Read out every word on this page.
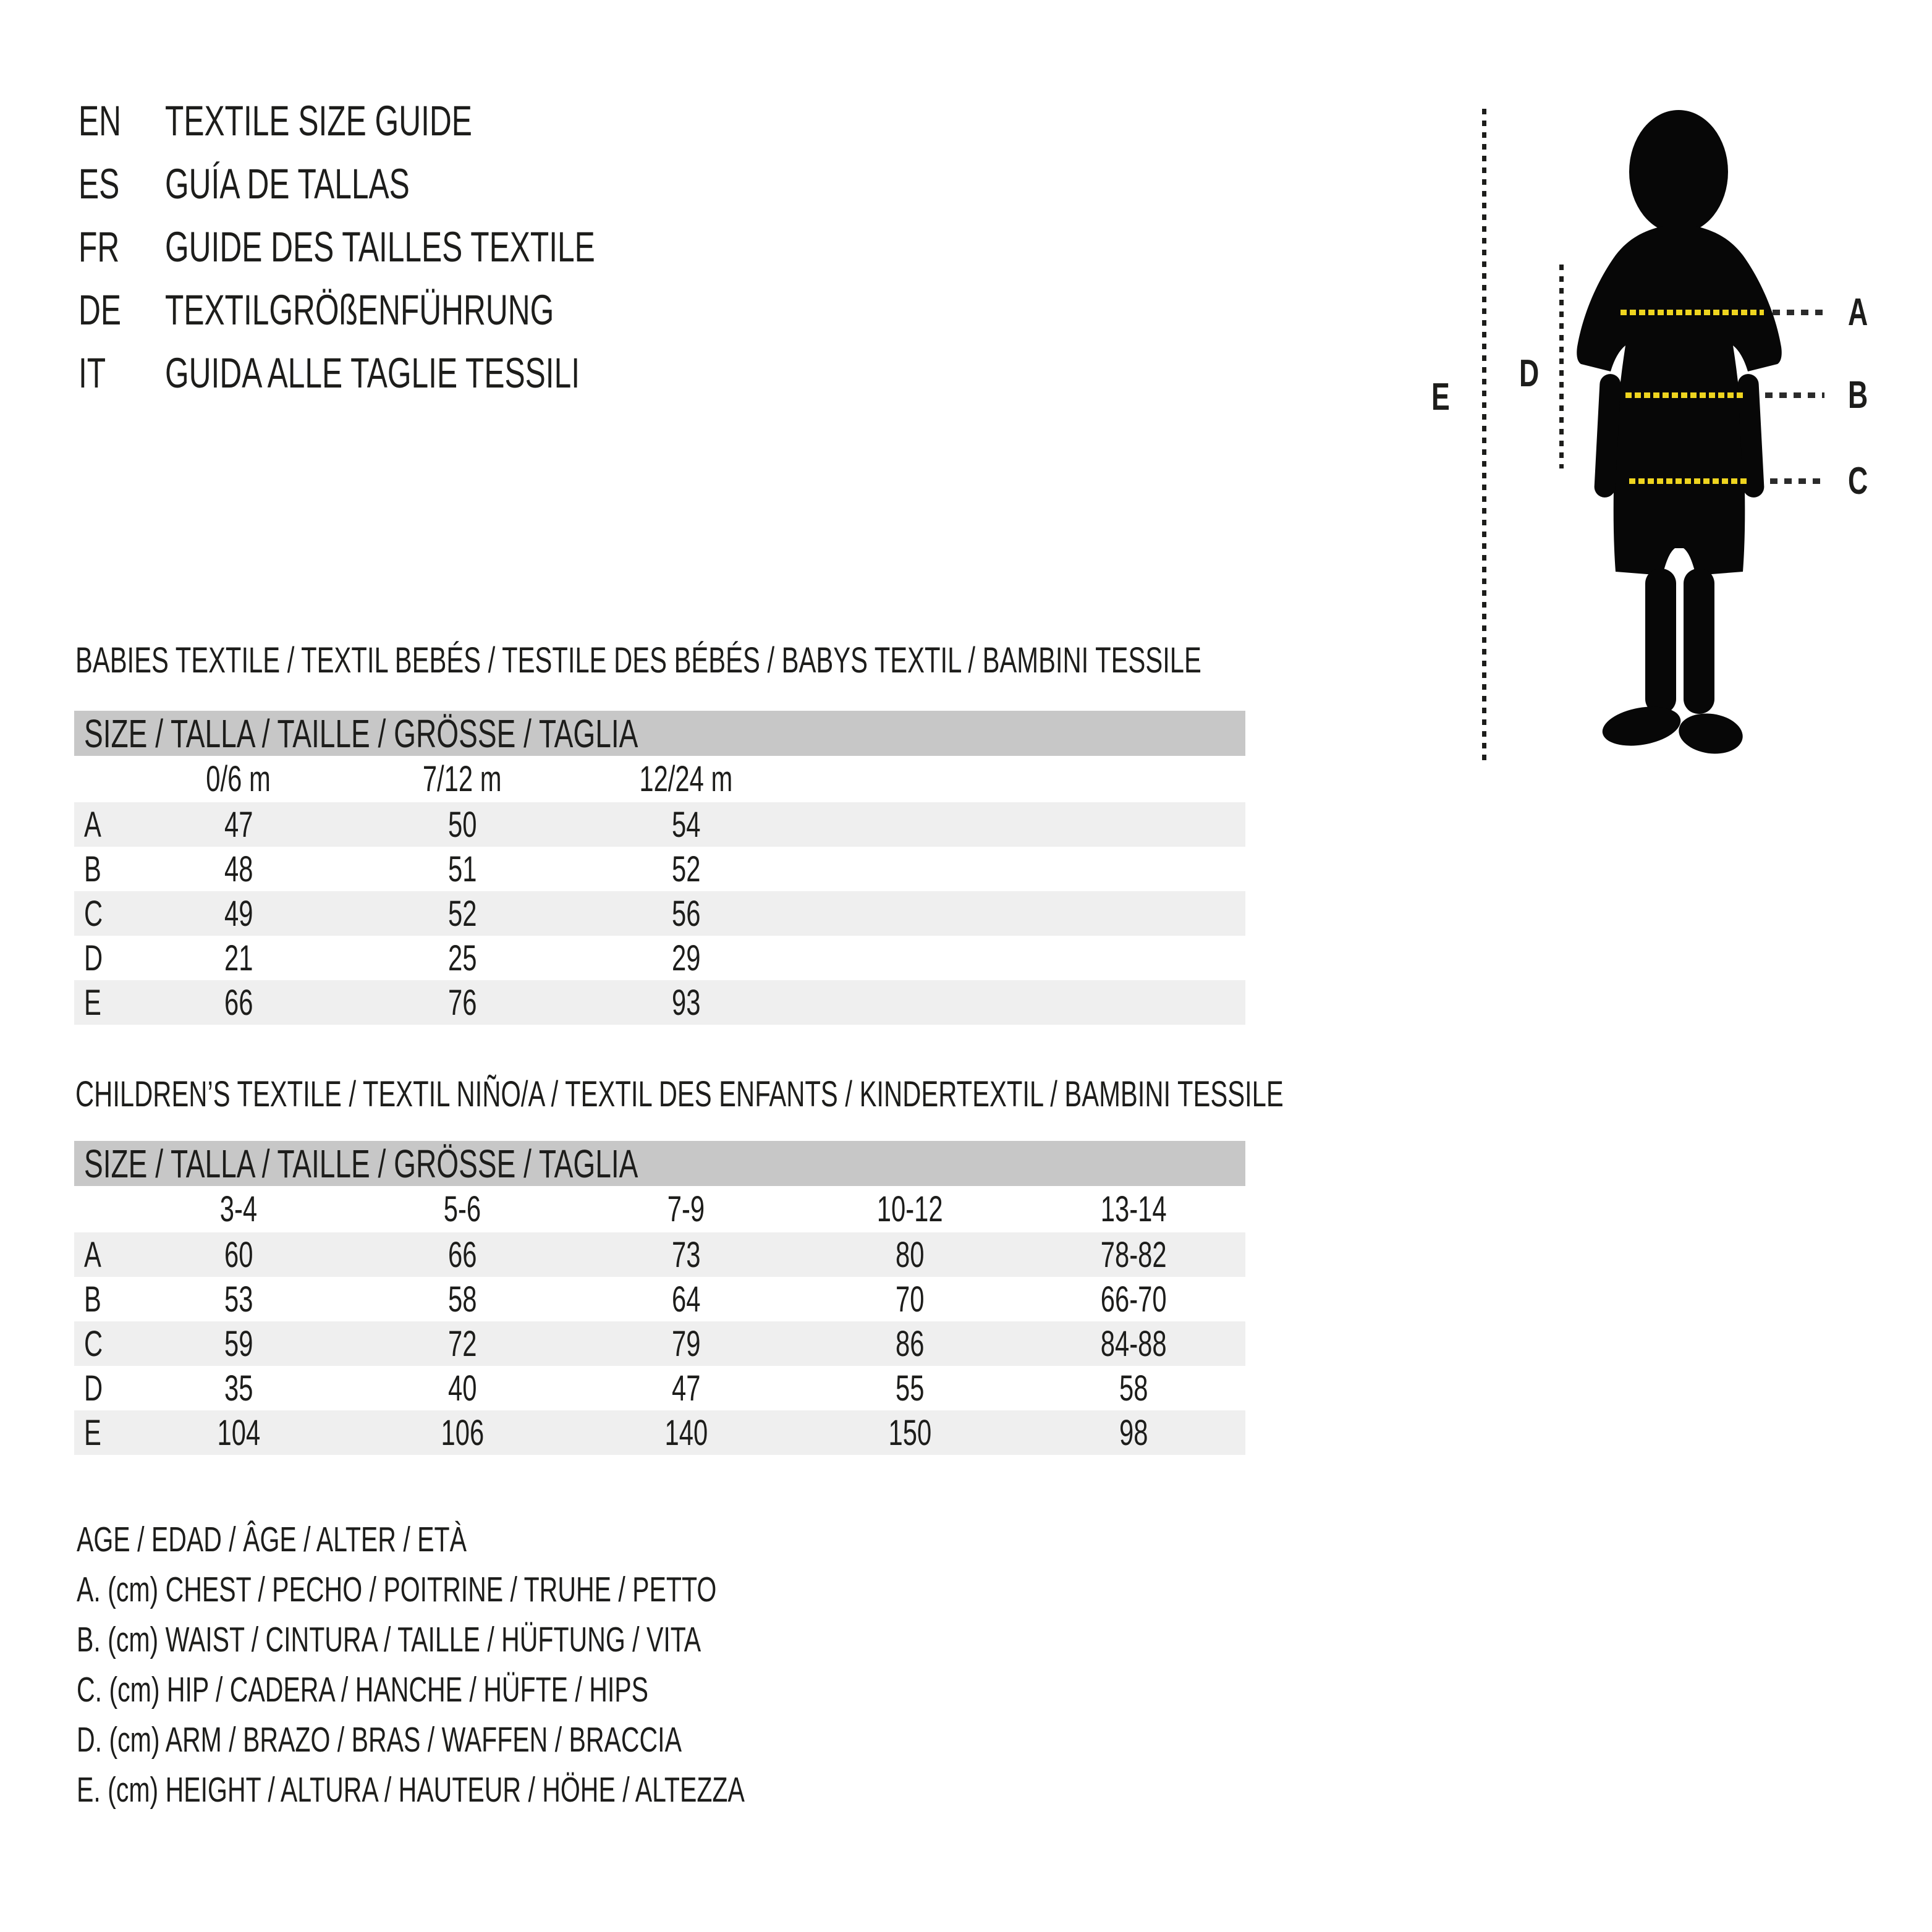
EN	TEXTILE SIZE GUIDE
ES	GUÍA DE TALLAS
FR	GUIDE DES TAILLES TEXTILE
DE	TEXTILGRÖßENFÜHRUNG
IT	GUIDA ALLE TAGLIE TESSILI
A
B
C
D
E
BABIES TEXTILE / TEXTIL BEBÉS / TESTILE DES BÉBÉS / BABYS TEXTIL / BAMBINI TESSILE
SIZE / TALLA / TAILLE / GRÖSSE / TAGLIA
	0/6 m	7/12 m	12/24 m	
A	47	50	54	
B	48	51	52	
C	49	52	56	
D	21	25	29	
E	66	76	93	
CHILDREN’S TEXTILE / TEXTIL NIÑO/A / TEXTIL DES ENFANTS / KINDERTEXTIL / BAMBINI TESSILE
SIZE / TALLA / TAILLE / GRÖSSE / TAGLIA
	3-4	5-6	7-9	10-12	13-14
A	60	66	73	80	78-82
B	53	58	64	70	66-70
C	59	72	79	86	84-88
D	35	40	47	55	58
E	104	106	140	150	98
AGE / EDAD / ÂGE / ALTER / ETÀ
A. (cm) CHEST / PECHO / POITRINE / TRUHE / PETTO
B. (cm) WAIST / CINTURA / TAILLE / HÜFTUNG / VITA
C. (cm) HIP / CADERA / HANCHE / HÜFTE / HIPS
D. (cm) ARM / BRAZO / BRAS / WAFFEN / BRACCIA
E. (cm) HEIGHT / ALTURA / HAUTEUR / HÖHE / ALTEZZA
